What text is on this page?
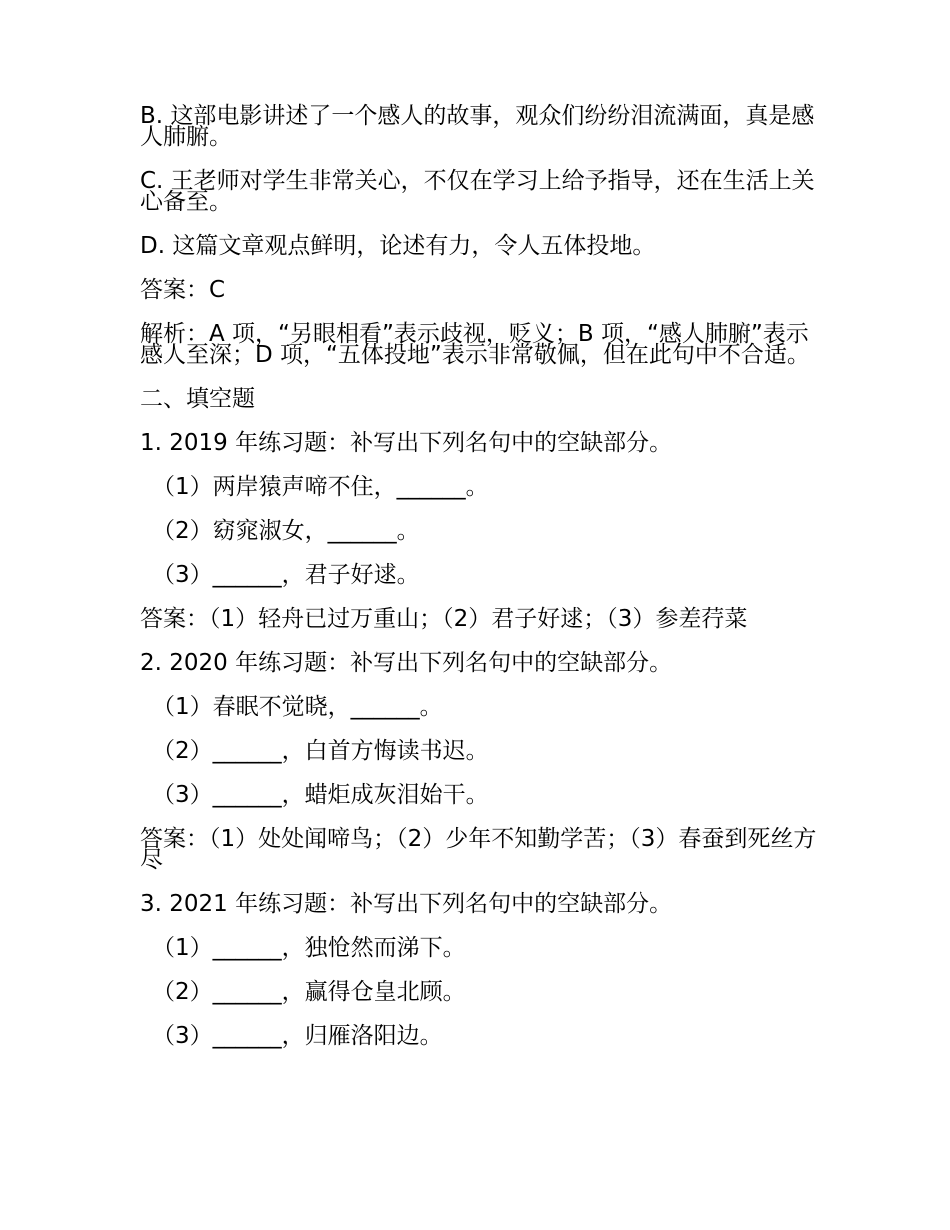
B. 这部电影讲述了一个感人的故事，观众们纷纷泪流满面，真是感人肺腑。

C. 王老师对学生非常关心，不仅在学习上给予指导，还在生活上关心备至。

D. 这篇文章观点鲜明，论述有力，令人五体投地。

答案：C

解析：A 项，“另眼相看”表示歧视，贬义；B 项，“感人肺腑”表示感人至深；D 项，“五体投地”表示非常敬佩，但在此句中不合适。

二、填空题

1. 2019 年练习题：补写出下列名句中的空缺部分。

（1）两岸猿声啼不住，______。

（2）窈窕淑女，______。

（3）______，君子好逑。

答案：（1）轻舟已过万重山；（2）君子好逑；（3）参差荇菜

2. 2020 年练习题：补写出下列名句中的空缺部分。

（1）春眠不觉晓，______。

（2）______，白首方悔读书迟。

（3）______，蜡炬成灰泪始干。

答案：（1）处处闻啼鸟；（2）少年不知勤学苦；（3）春蚕到死丝方尽

3. 2021 年练习题：补写出下列名句中的空缺部分。

（1）______，独怆然而涕下。

（2）______，赢得仓皇北顾。

（3）______，归雁洛阳边。
